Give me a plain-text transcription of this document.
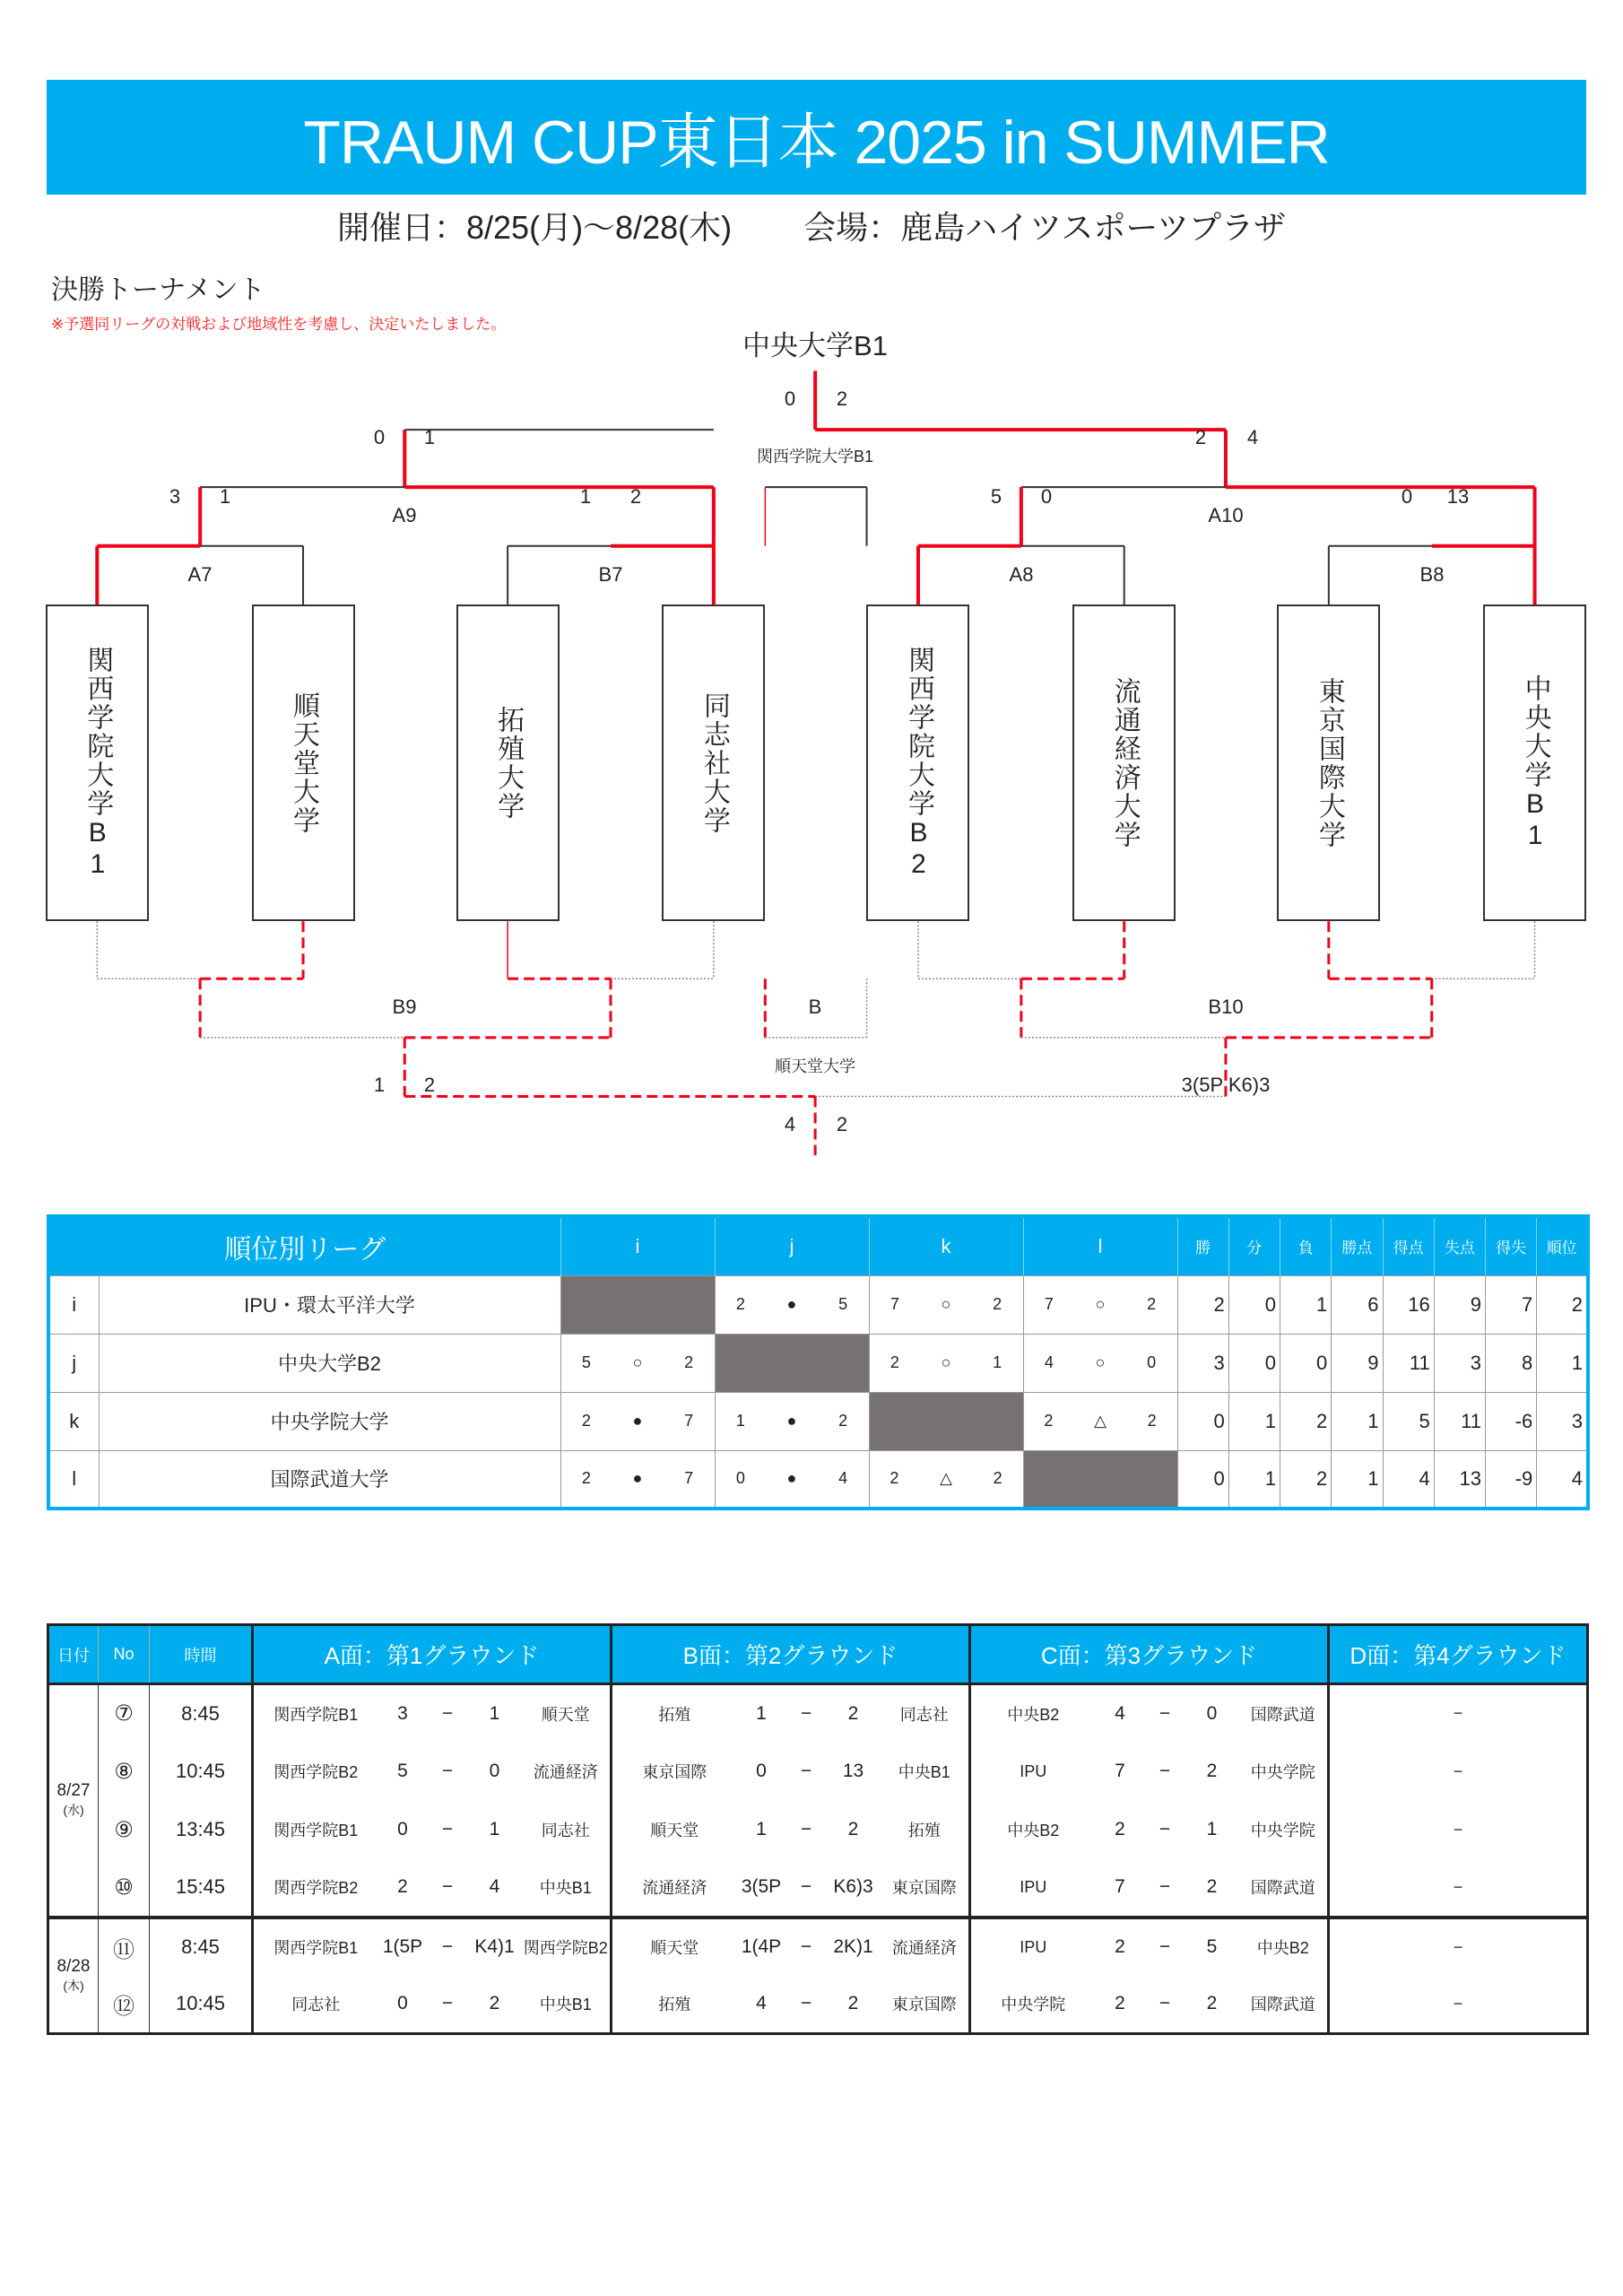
TRAUM CUP東日本 2025 in SUMMER
開催日：8/25(月)～8/28(木) 会場：鹿島ハイツスポーツプラザ
決勝トーナメント
※予選同リーグの対戦および地域性を考慮し、決定いたしました。
中央大学B1
0 2
0 1	2 4
3 1	1 2	5 0	0 13
1 2	3(5P K6)3
4 2
A7	B7	A8	B8
A9	A10
B9	B	B10
関西学院大学B1
順天堂大学
関西学院大学B1	順天堂大学	拓殖大学	同志社大学	関西学院大学B2	流通経済大学	東京国際大学	中央大学B1
順位別リーグ		i	j	k	l	勝	分	負	勝点	得点	失点	得失	順位
i	IPU・環太平洋大学		2 ● 5	7 ○ 2	7 ○ 2	2	0	1	6	16	9	7	2
j	中央大学B2	5 ○ 2		2 ○ 1	4 ○ 0	3	0	0	9	11	3	8	1
k	中央学院大学	2 ● 7	1 ● 2		2 △ 2	0	1	2	1	5	11	-6	3
l	国際武道大学	2 ● 7	0 ● 4	2 △ 2		0	1	2	1	4	13	-9	4
日付	No	時間	A面：第1グラウンド					B面：第2グラウンド					C面：第3グラウンド					D面：第4グラウンド

8/27
(水)	⑦	8:45	関西学院B1	3	−	1	順天堂	拓殖	1	−	2	同志社	中央B2	4	−	0	国際武道	−
	⑧	10:45	関西学院B2	5	−	0	流通経済	東京国際	0	−	13	中央B1	IPU	7	−	2	中央学院	−
	⑨	13:45	関西学院B1	0	−	1	同志社	順天堂	1	−	2	拓殖	中央B2	2	−	1	中央学院	−
	⑩	15:45	関西学院B2	2	−	4	中央B1	流通経済	3(5P	−	K6)3	東京国際	IPU	7	−	2	国際武道	−

8/28
(木)	⑪	8:45	関西学院B1	1(5P	−	K4)1	関西学院B2	順天堂	1(4P	−	2K)1	流通経済	IPU	2	−	5	中央B2	−
	⑫	10:45	同志社	0	−	2	中央B1	拓殖	4	−	2	東京国際	中央学院	2	−	2	国際武道	−
